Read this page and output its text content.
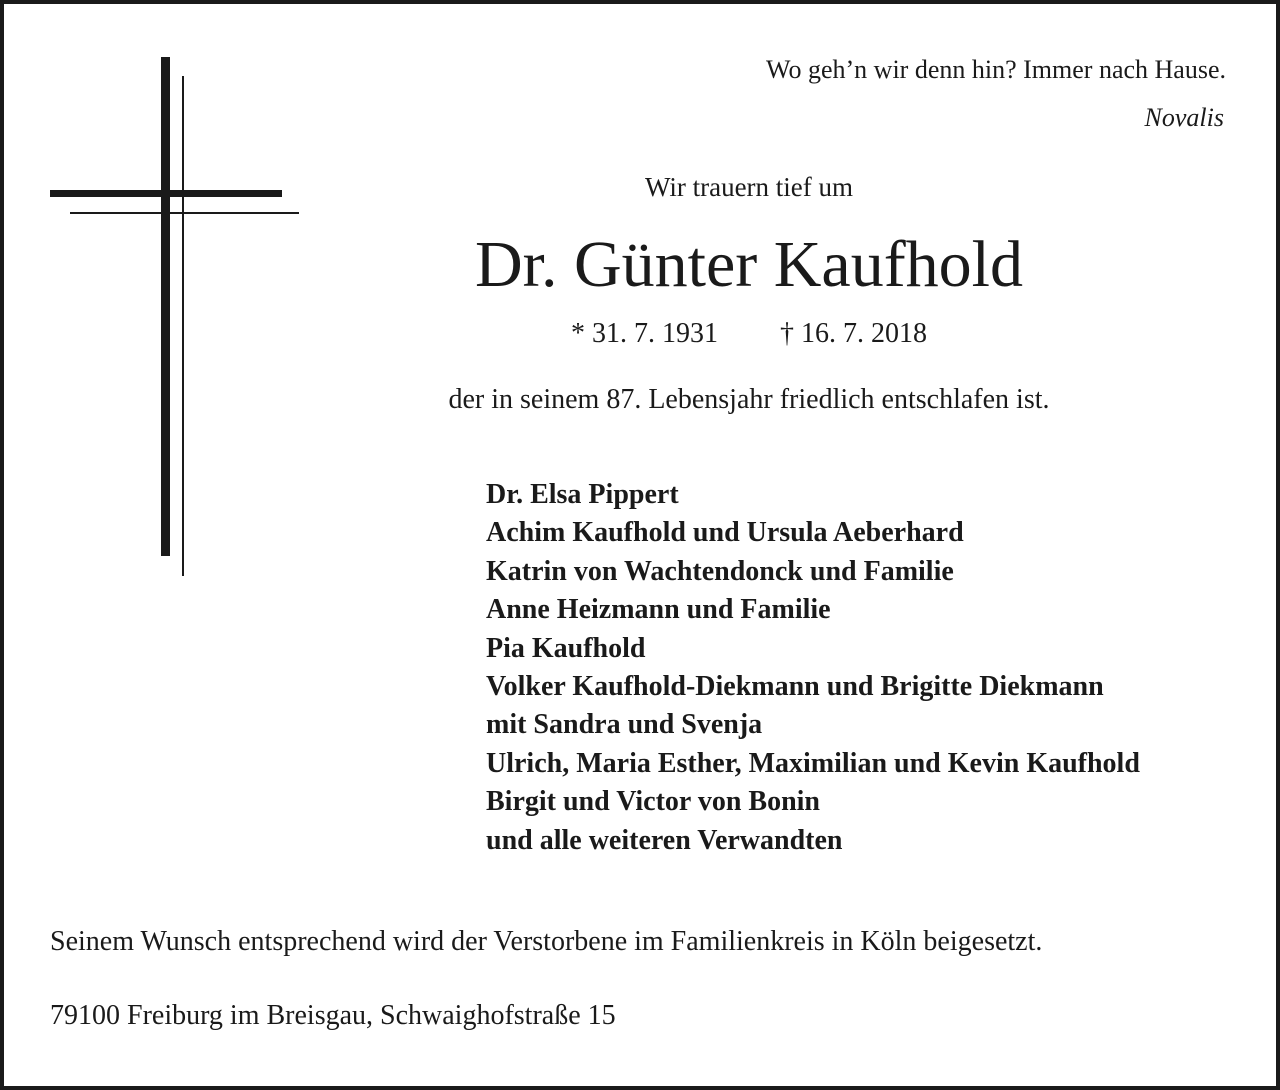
Wo geh’n wir denn hin? Immer nach Hause.
Novalis
Wir trauern tief um
Dr. Günter Kaufhold
* 31. 7. 1931 † 16. 7. 2018
der in seinem 87. Lebensjahr friedlich entschlafen ist.
Dr. Elsa Pippert
Achim Kaufhold und Ursula Aeberhard
Katrin von Wachtendonck und Familie
Anne Heizmann und Familie
Pia Kaufhold
Volker Kaufhold-Diekmann und Brigitte Diekmann
mit Sandra und Svenja
Ulrich, Maria Esther, Maximilian und Kevin Kaufhold
Birgit und Victor von Bonin
und alle weiteren Verwandten
Seinem Wunsch entsprechend wird der Verstorbene im Familienkreis in Köln beigesetzt.
79100 Freiburg im Breisgau, Schwaighofstraße 15
